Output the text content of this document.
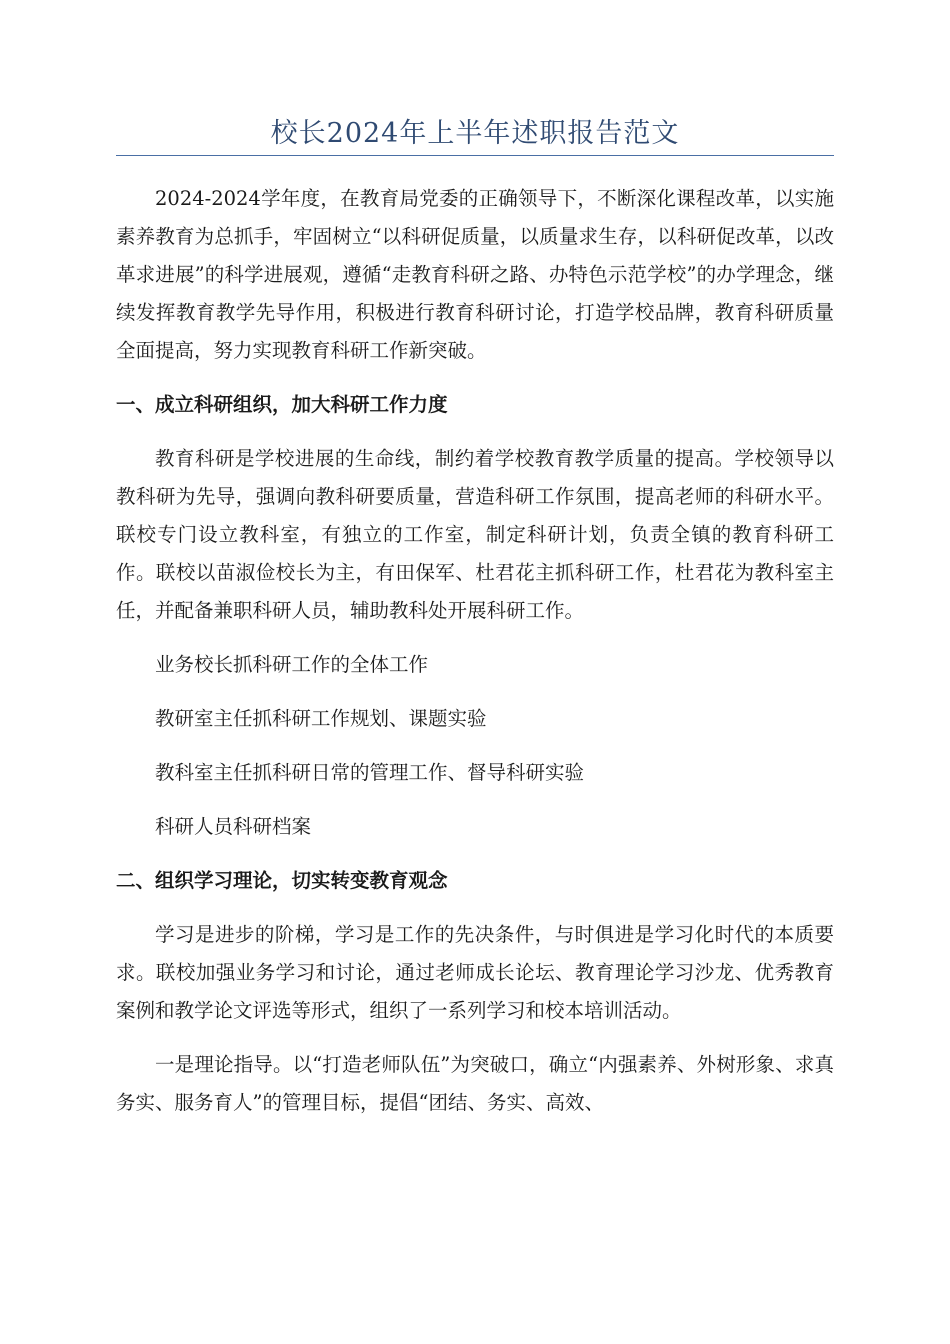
校长2024年上半年述职报告范文

2024-2024学年度，在教育局党委的正确领导下，不断深化课程改革，以实施素养教育为总抓手，牢固树立“以科研促质量，以质量求生存，以科研促改革，以改革求进展”的科学进展观，遵循“走教育科研之路、办特色示范学校”的办学理念，继续发挥教育教学先导作用，积极进行教育科研讨论，打造学校品牌，教育科研质量全面提高，努力实现教育科研工作新突破。

一、成立科研组织，加大科研工作力度

教育科研是学校进展的生命线，制约着学校教育教学质量的提高。学校领导以教科研为先导，强调向教科研要质量，营造科研工作氛围，提高老师的科研水平。联校专门设立教科室，有独立的工作室，制定科研计划，负责全镇的教育科研工作。联校以苗淑俭校长为主，有田保军、杜君花主抓科研工作，杜君花为教科室主任，并配备兼职科研人员，辅助教科处开展科研工作。

业务校长抓科研工作的全体工作

教研室主任抓科研工作规划、课题实验

教科室主任抓科研日常的管理工作、督导科研实验

科研人员科研档案

二、组织学习理论，切实转变教育观念

学习是进步的阶梯，学习是工作的先决条件，与时俱进是学习化时代的本质要求。联校加强业务学习和讨论，通过老师成长论坛、教育理论学习沙龙、优秀教育案例和教学论文评选等形式，组织了一系列学习和校本培训活动。

一是理论指导。以“打造老师队伍”为突破口，确立“内强素养、外树形象、求真务实、服务育人”的管理目标，提倡“团结、务实、高效、
